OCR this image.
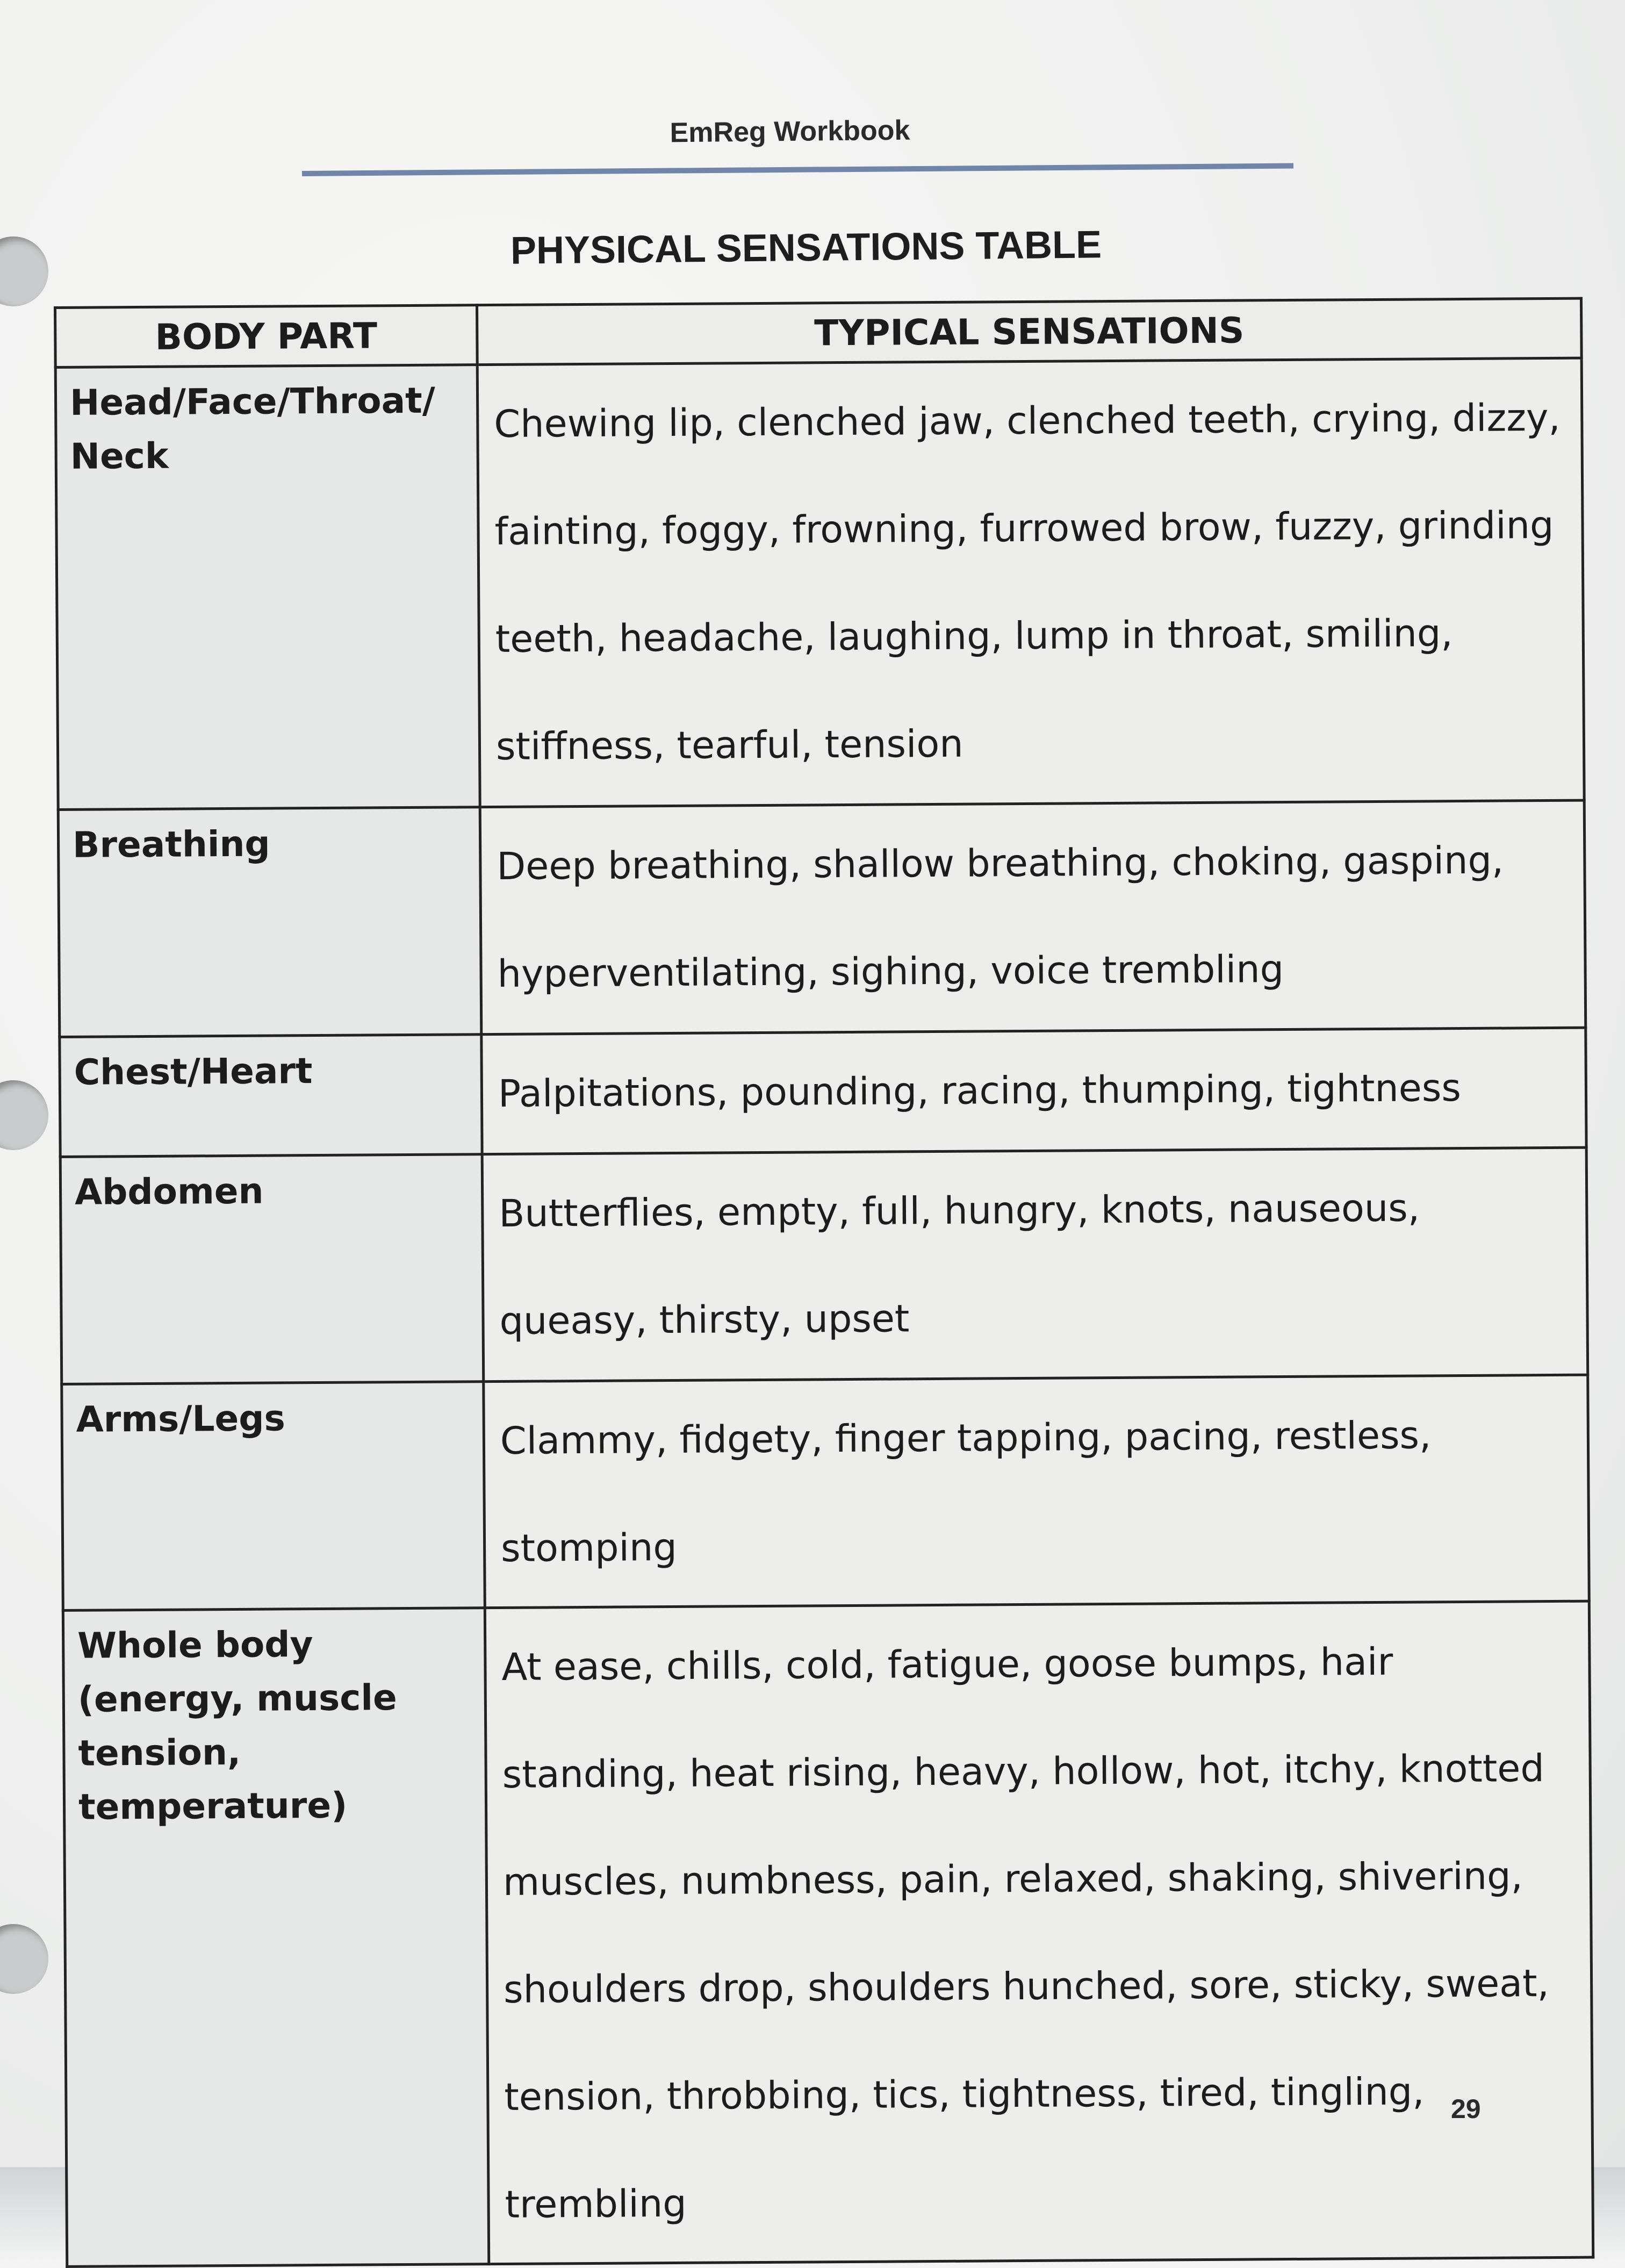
EmReg Workbook
PHYSICAL SENSATIONS TABLE
BODY PART	TYPICAL SENSATIONS
Head/Face/Throat/ Neck	Chewing lip, clenched jaw, clenched teeth, crying, dizzy, fainting, foggy, frowning, furrowed brow, fuzzy, grinding teeth, headache, laughing, lump in throat, smiling, stiffness, tearful, tension
Breathing	Deep breathing, shallow breathing, choking, gasping, hyperventilating, sighing, voice trembling
Chest/Heart	Palpitations, pounding, racing, thumping, tightness
Abdomen	Butterflies, empty, full, hungry, knots, nauseous, queasy, thirsty, upset
Arms/Legs	Clammy, fidgety, finger tapping, pacing, restless, stomping
Whole body (energy, muscle tension, temperature)	At ease, chills, cold, fatigue, goose bumps, hair standing, heat rising, heavy, hollow, hot, itchy, knotted muscles, numbness, pain, relaxed, shaking, shivering, shoulders drop, shoulders hunched, sore, sticky, sweat, tension, throbbing, tics, tightness, tired, tingling, trembling
29
